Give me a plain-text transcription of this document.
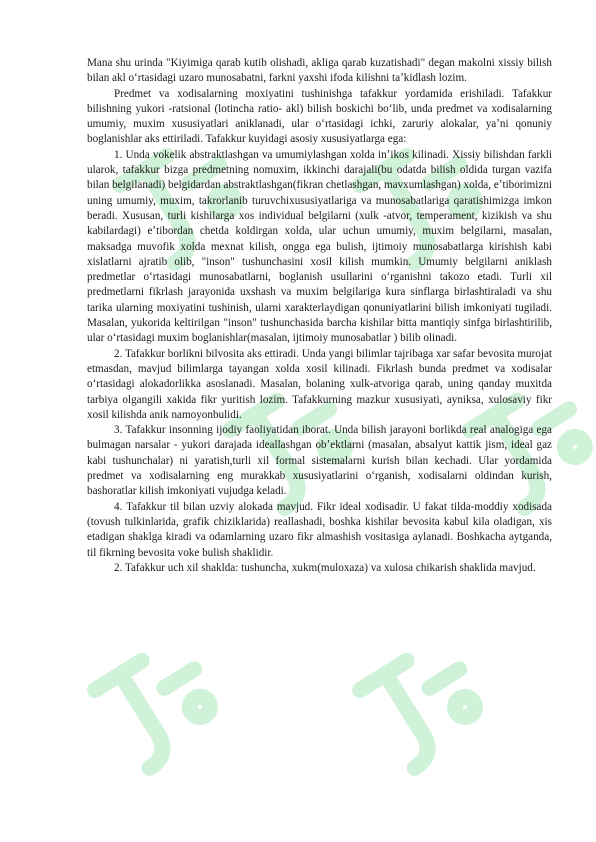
Mana shu urinda "Kiyimiga qarab kutib olishadi, akliga qarab kuzatishadi" degan makolni xissiy bilish bilan akl oʻrtasidagi uzaro munosabatni, farkni yaxshi ifoda kilishni taʼkidlash lozim.

Predmet va xodisalarning moxiyatini tushinishga tafakkur yordamida erishiladi. Tafakkur bilishning yukori -ratsional (lotincha ratio- akl) bilish boskichi boʻlib, unda predmet va xodisalarning umumiy, muxim xususiyatlari aniklanadi, ular oʻrtasidagi ichki, zaruriy alokalar, yaʼni qonuniy boglanishlar aks ettiriladi. Tafakkur kuyidagi asosiy xususiyatlarga ega:

1. Unda vokelik abstraktlashgan va umumiylashgan xolda inʼikos kilinadi. Xissiy bilishdan farkli ularok, tafakkur bizga predmetning nomuxim, ikkinchi darajali(bu odatda bilish oldida turgan vazifa bilan belgilanadi) belgidardan abstraktlashgan(fikran chetlashgan, mavxumlashgan) xolda, eʼtiborimizni uning umumiy, muxim, takrorlanib turuvchixususiyatlariga va munosabatlariga qaratishimizga imkon beradi. Xususan, turli kishilarga xos individual belgilarni (xulk -atvor, temperament, kizikish va shu kabilardagi) eʼtibordan chetda koldirgan xolda, ular uchun umumiy, muxim belgilarni, masalan, maksadga muvofik xolda mexnat kilish, ongga ega bulish, ijtimoiy munosabatlarga kirishish kabi xislatlarni ajratib olib, "inson" tushunchasini xosil kilish mumkin. Umumiy belgilarni aniklash predmetlar oʻrtasidagi munosabatlarni, boglanish usullarini oʻrganishni takozo etadi. Turli xil predmetlarni fikrlash jarayonida uxshash va muxim belgilariga kura sinflarga birlashtiraladi va shu tarika ularning moxiyatini tushinish, ularni xarakterlaydigan qonuniyatlarini bilish imkoniyati tugiladi. Masalan, yukorida keltirilgan "inson" tushunchasida barcha kishilar bitta mantiqiy sinfga birlashtirilib, ular oʻrtasidagi muxim boglanishlar(masalan, ijtimoiy munosabatlar ) bilib olinadi.

2. Tafakkur borlikni bilvosita aks ettiradi. Unda yangi bilimlar tajribaga xar safar bevosita murojat etmasdan, mavjud bilimlarga tayangan xolda xosil kilinadi. Fikrlash bunda predmet va xodisalar oʻrtasidagi alokadorlikka asoslanadi. Masalan, bolaning xulk-atvoriga qarab, uning qanday muxitda tarbiya olgangili xakida fikr yuritish lozim. Tafakkurning mazkur xususiyati, ayniksa, xulosaviy fikr xosil kilishda anik namoyonbulidi.

3. Tafakkur insonning ijodiy faoliyatidan iborat. Unda bilish jarayoni borlikda real analogiga ega bulmagan narsalar - yukori darajada ideallashgan obʼektlarni (masalan, absalyut kattik jism, ideal gaz kabi tushunchalar) ni yaratish,turli xil formal sistemalarni kurish bilan kechadi. Ular yordamida predmet va xodisalarning eng murakkab xususiyatlarini oʻrganish, xodisalarni oldindan kurish, bashoratlar kilish imkoniyati vujudga keladi.

4. Tafakkur til bilan uzviy alokada mavjud. Fikr ideal xodisadir. U fakat tilda-moddiy xodisada (tovush tulkinlarida, grafik chiziklarida) reallashadi, boshka kishilar bevosita kabul kila oladigan, xis etadigan shaklga kiradi va odamlarning uzaro fikr almashish vositasiga aylanadi. Boshkacha aytganda, til fikrning bevosita voke bulish shaklidir.

2. Tafakkur uch xil shaklda: tushuncha, xukm(muloxaza) va xulosa chikarish shaklida mavjud.
